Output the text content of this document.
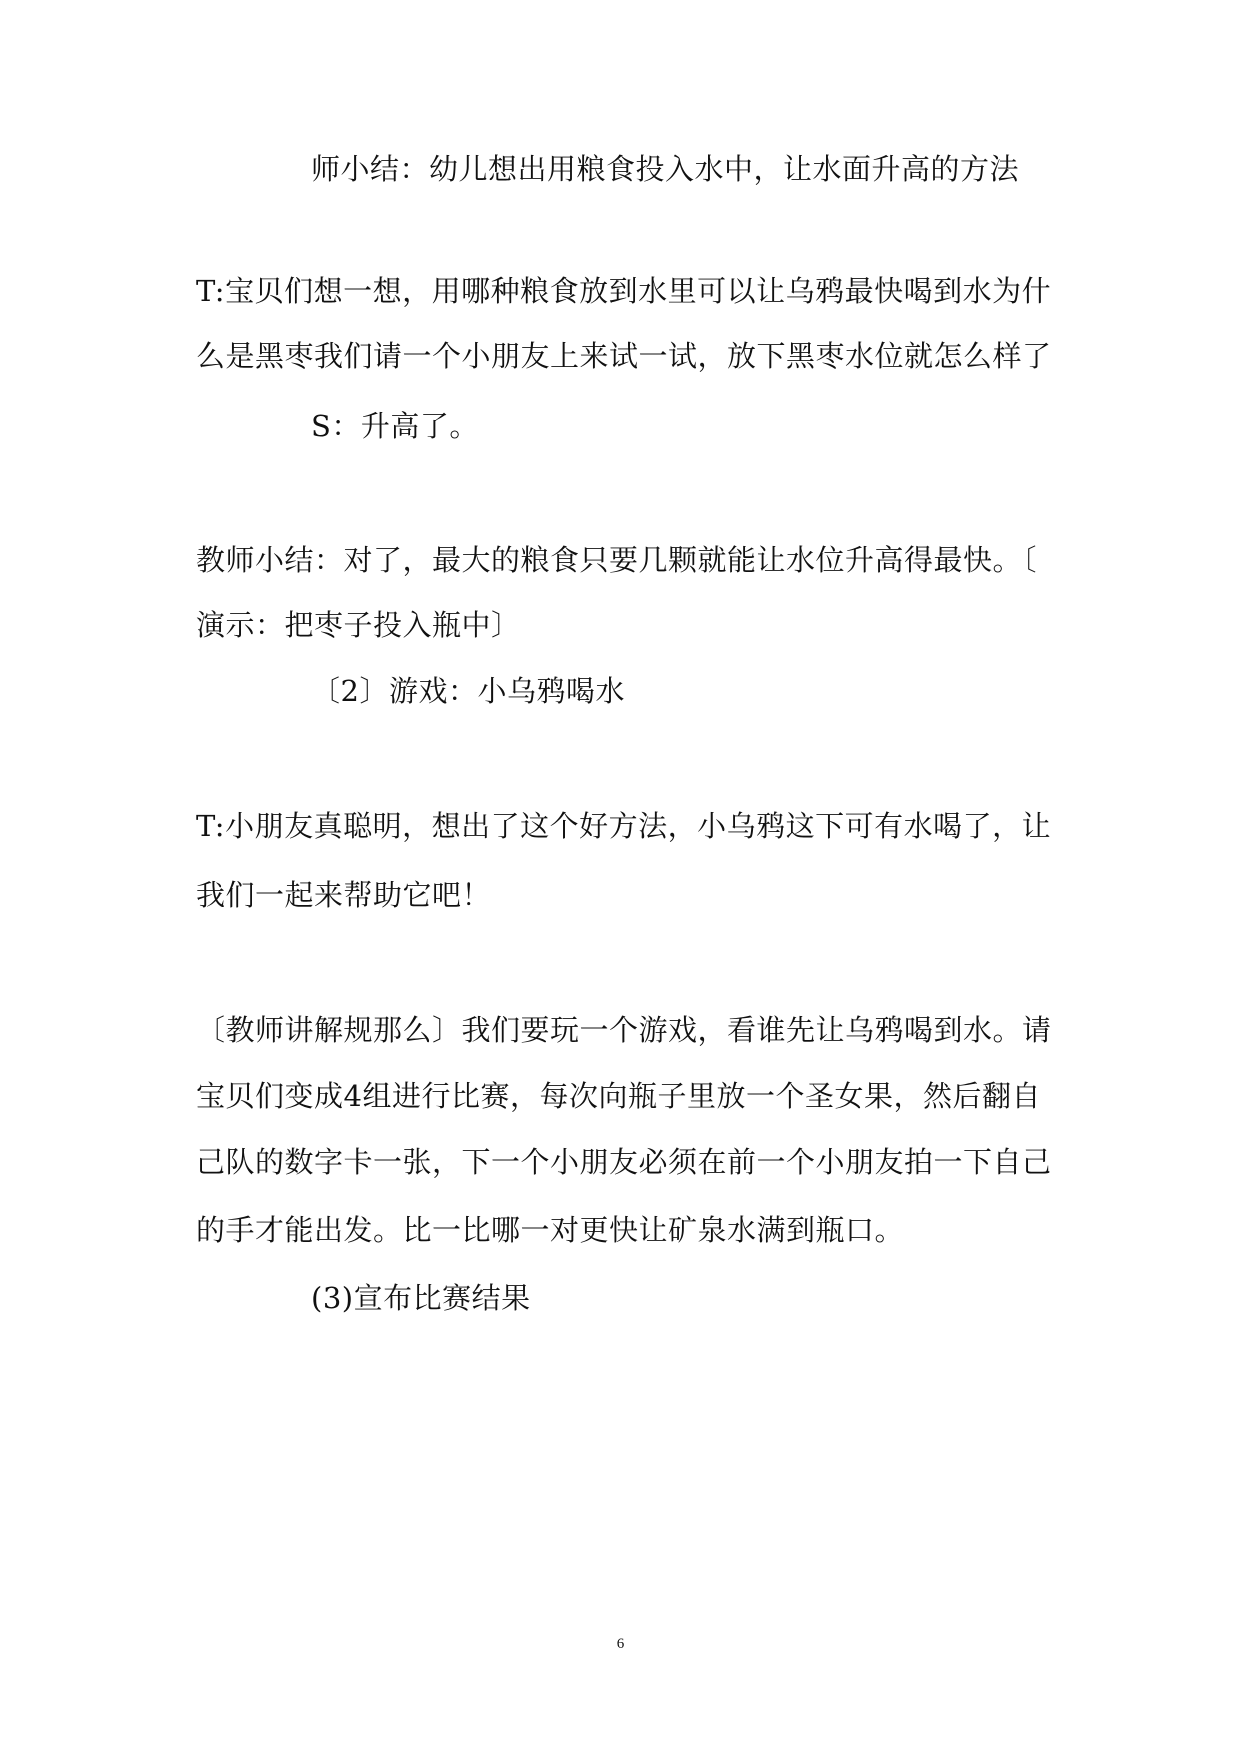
师小结：幼儿想出用粮食投入水中，让水面升高的方法
T:宝贝们想一想，用哪种粮食放到水里可以让乌鸦最快喝到水为什
么是黑枣我们请一个小朋友上来试一试，放下黑枣水位就怎么样了
S：升高了。
教师小结：对了，最大的粮食只要几颗就能让水位升高得最快。〔
演示：把枣子投入瓶中〕
〔2〕游戏：小乌鸦喝水
T:小朋友真聪明，想出了这个好方法，小乌鸦这下可有水喝了，让
我们一起来帮助它吧！
〔教师讲解规那么〕我们要玩一个游戏，看谁先让乌鸦喝到水。请
宝贝们变成4组进行比赛，每次向瓶子里放一个圣女果，然后翻自
己队的数字卡一张，下一个小朋友必须在前一个小朋友拍一下自己
的手才能出发。比一比哪一对更快让矿泉水满到瓶口。
(3)宣布比赛结果
6
